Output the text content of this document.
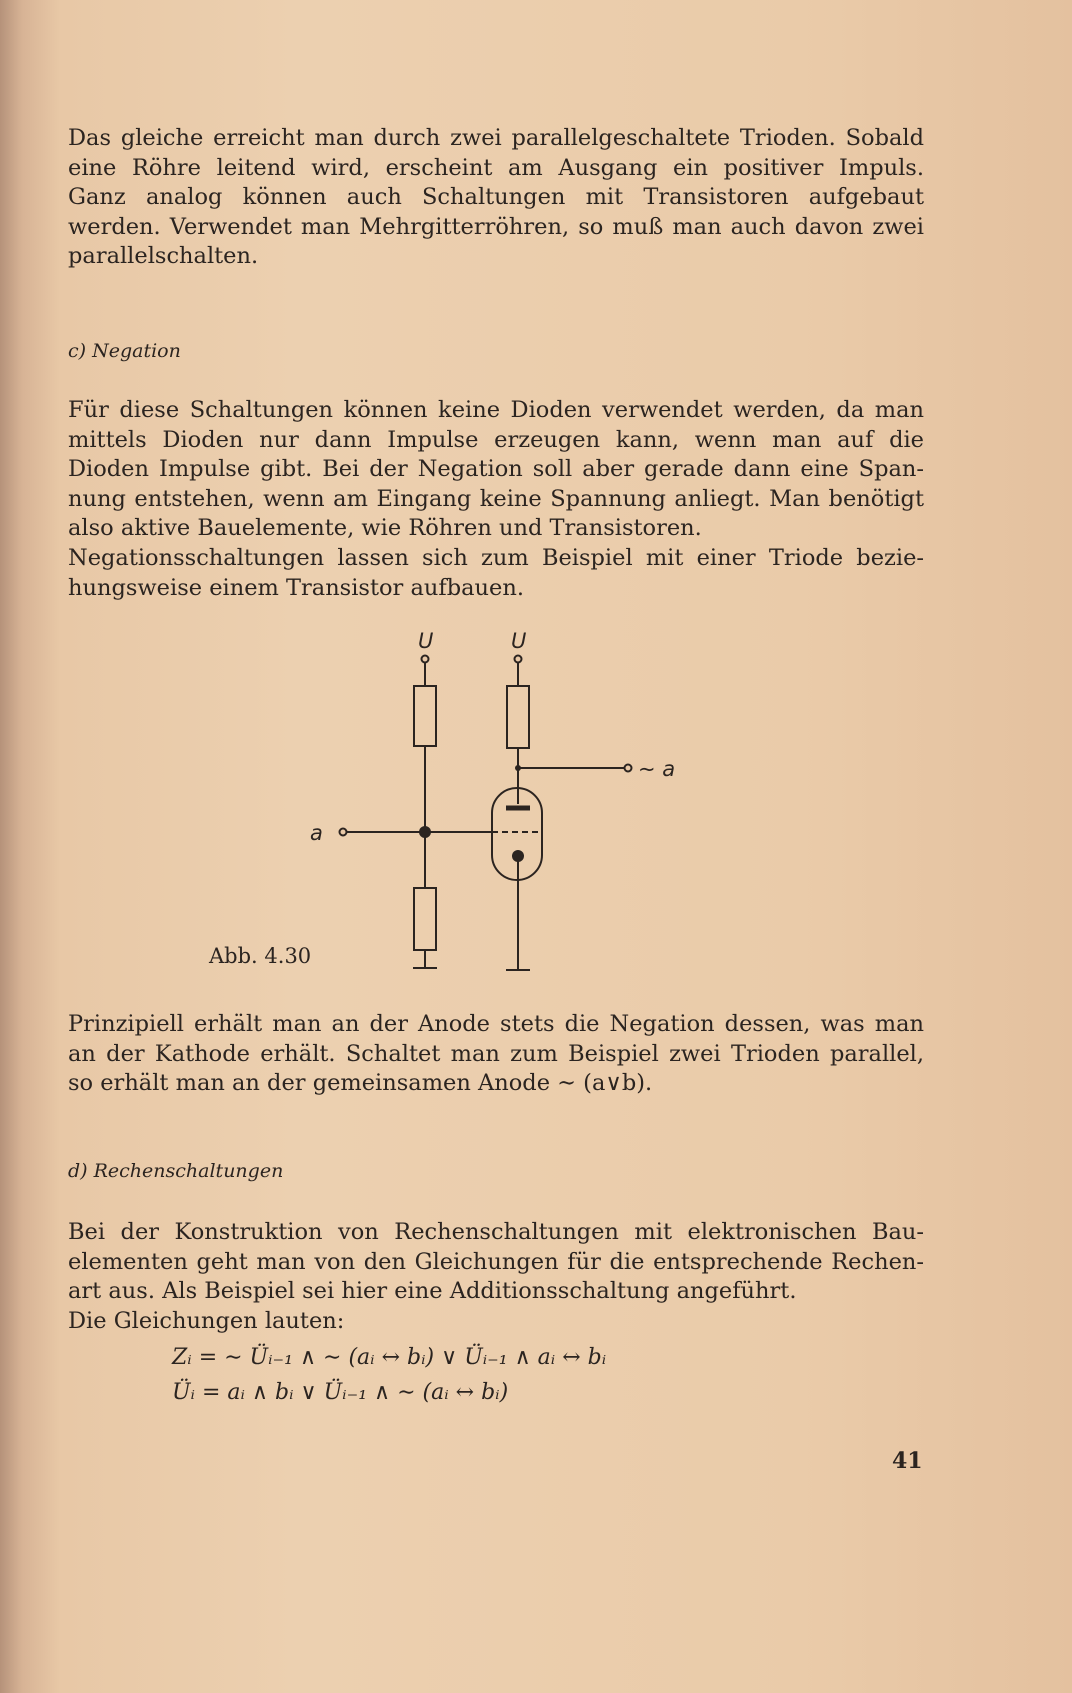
Das gleiche erreicht man durch zwei parallelgeschaltete Trioden. Sobald
eine Röhre leitend wird, erscheint am Ausgang ein positiver Impuls.
Ganz analog können auch Schaltungen mit Transistoren aufgebaut
werden. Verwendet man Mehrgitterröhren, so muß man auch davon zwei
parallelschalten.
c) Negation
Für diese Schaltungen können keine Dioden verwendet werden, da man
mittels Dioden nur dann Impulse erzeugen kann, wenn man auf die
Dioden Impulse gibt. Bei der Negation soll aber gerade dann eine Span-
nung entstehen, wenn am Eingang keine Spannung anliegt. Man benötigt
also aktive Bauelemente, wie Röhren und Transistoren.
Negationsschaltungen lassen sich zum Beispiel mit einer Triode bezie-
hungsweise einem Transistor aufbauen.
U	U
a
∼ a
Abb. 4.30
Prinzipiell erhält man an der Anode stets die Negation dessen, was man
an der Kathode erhält. Schaltet man zum Beispiel zwei Trioden parallel,
so erhält man an der gemeinsamen Anode ∼ (a∨b).
d) Rechenschaltungen
Bei der Konstruktion von Rechenschaltungen mit elektronischen Bau-
elementen geht man von den Gleichungen für die entsprechende Rechen-
art aus. Als Beispiel sei hier eine Additionsschaltung angeführt.
Die Gleichungen lauten:
Zᵢ = ∼ Üᵢ₋₁ ∧ ∼ (aᵢ ↔ bᵢ) ∨ Üᵢ₋₁ ∧ aᵢ ↔ bᵢ
Üᵢ = aᵢ ∧ bᵢ ∨ Üᵢ₋₁ ∧ ∼ (aᵢ ↔ bᵢ)
41
